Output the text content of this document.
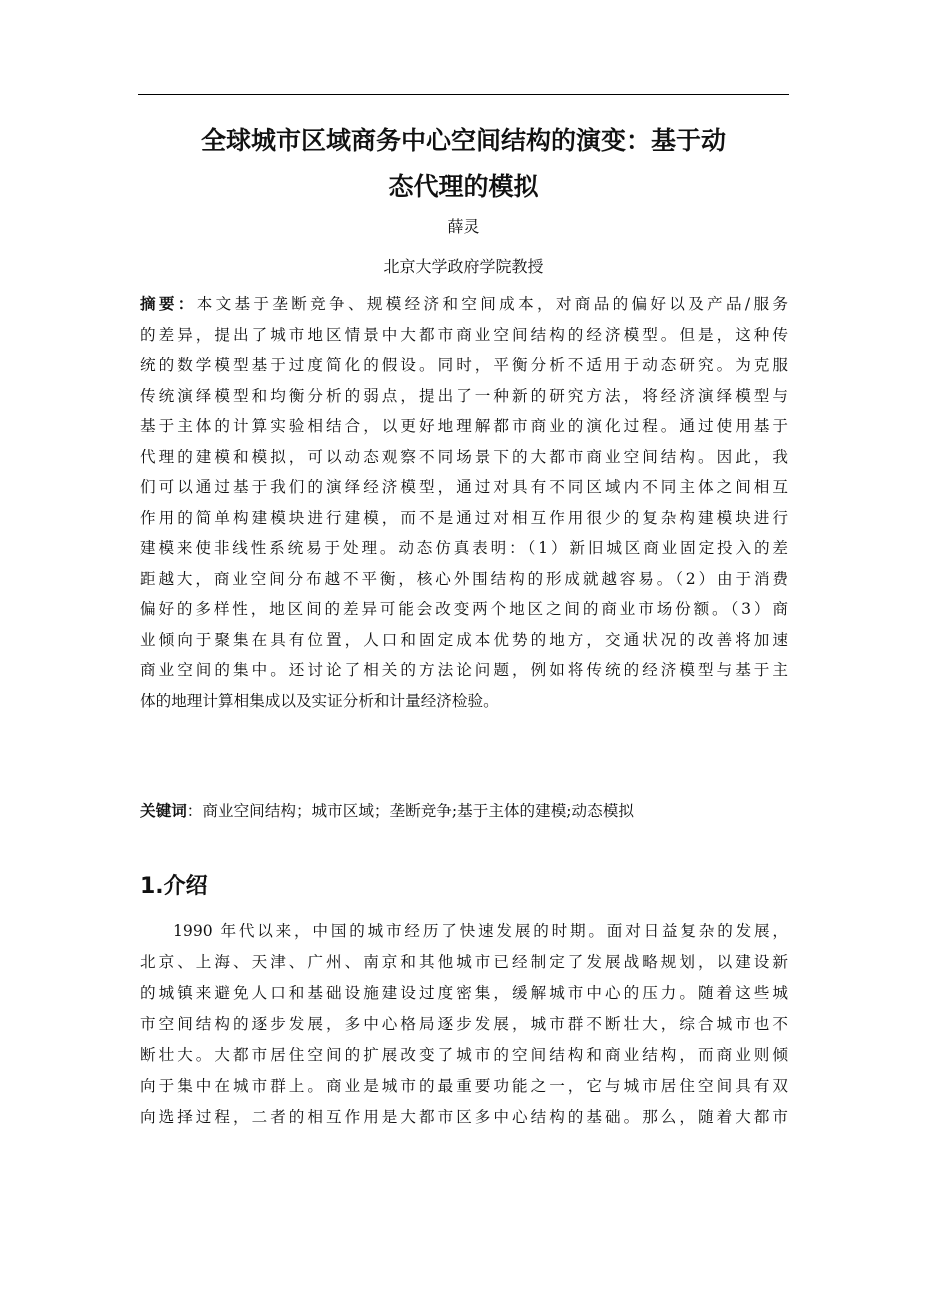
全球城市区域商务中心空间结构的演变：基于动
态代理的模拟
薛灵
北京大学政府学院教授
摘要：本文基于垄断竞争、规模经济和空间成本，对商品的偏好以及产品/服务
的差异，提出了城市地区情景中大都市商业空间结构的经济模型。但是，这种传
统的数学模型基于过度简化的假设。同时，平衡分析不适用于动态研究。为克服
传统演绎模型和均衡分析的弱点，提出了一种新的研究方法，将经济演绎模型与
基于主体的计算实验相结合，以更好地理解都市商业的演化过程。通过使用基于
代理的建模和模拟，可以动态观察不同场景下的大都市商业空间结构。因此，我
们可以通过基于我们的演绎经济模型，通过对具有不同区域内不同主体之间相互
作用的简单构建模块进行建模，而不是通过对相互作用很少的复杂构建模块进行
建模来使非线性系统易于处理。动态仿真表明：（1）新旧城区商业固定投入的差
距越大，商业空间分布越不平衡，核心外围结构的形成就越容易。（2）由于消费
偏好的多样性，地区间的差异可能会改变两个地区之间的商业市场份额。（3）商
业倾向于聚集在具有位置，人口和固定成本优势的地方，交通状况的改善将加速
商业空间的集中。还讨论了相关的方法论问题，例如将传统的经济模型与基于主
体的地理计算相集成以及实证分析和计量经济检验。
关键词：商业空间结构；城市区域；垄断竞争;基于主体的建模;动态模拟
1.介绍
1990 年代以来，中国的城市经历了快速发展的时期。面对日益复杂的发展，
北京、上海、天津、广州、南京和其他城市已经制定了发展战略规划，以建设新
的城镇来避免人口和基础设施建设过度密集，缓解城市中心的压力。随着这些城
市空间结构的逐步发展，多中心格局逐步发展，城市群不断壮大，综合城市也不
断壮大。大都市居住空间的扩展改变了城市的空间结构和商业结构，而商业则倾
向于集中在城市群上。商业是城市的最重要功能之一，它与城市居住空间具有双
向选择过程，二者的相互作用是大都市区多中心结构的基础。那么，随着大都市
